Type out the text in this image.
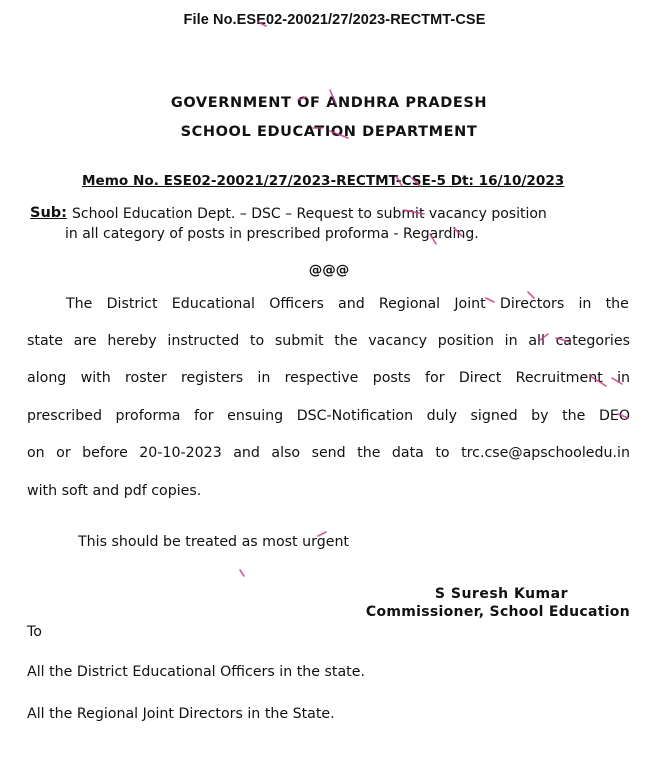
File No.ESE02-20021/27/2023-RECTMT-CSE
GOVERNMENT OF ANDHRA PRADESH
SCHOOL EDUCATION DEPARTMENT
Memo No. ESE02-20021/27/2023-RECTMT-CSE-5 Dt: 16/10/2023
Sub: School Education Dept. – DSC – Request to submit vacancy position
in all category of posts in prescribed proforma - Regarding.
@@@
The District Educational Officers and Regional Joint Directors in the
state are hereby instructed to submit the vacancy position in all categories
along with roster registers in respective posts for Direct Recruitment in
prescribed proforma for ensuing DSC-Notification duly signed by the DEO
on or before 20-10-2023 and also send the data to trc.cse@apschooledu.in
with soft and pdf copies.
This should be treated as most urgent
S Suresh Kumar
Commissioner, School Education
To
All the District Educational Officers in the state.
All the Regional Joint Directors in the State.
